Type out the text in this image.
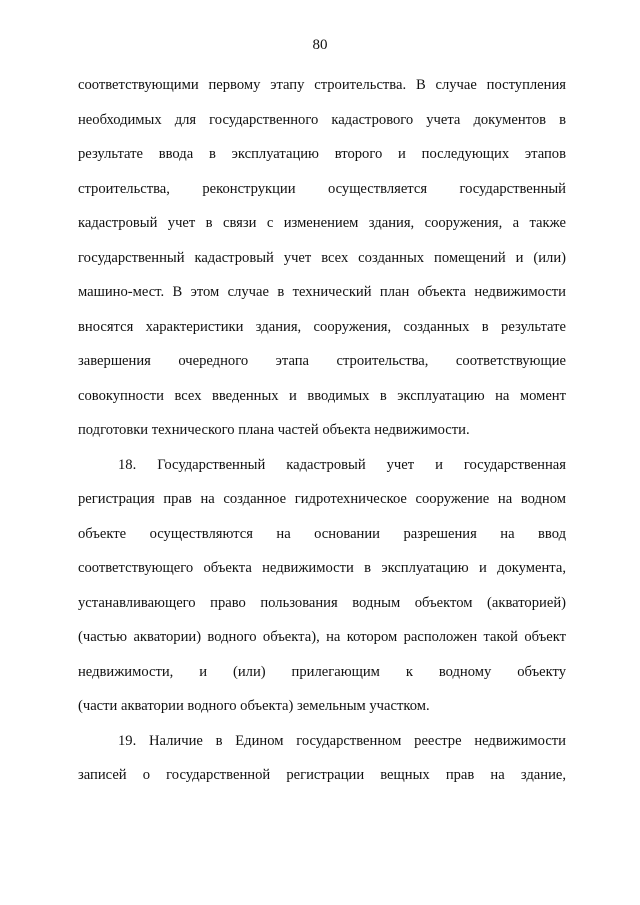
80
соответствующими первому этапу строительства. В случае поступления
необходимых для государственного кадастрового учета документов в
результате ввода в эксплуатацию второго и последующих этапов
строительства, реконструкции осуществляется государственный
кадастровый учет в связи с изменением здания, сооружения, а также
государственный кадастровый учет всех созданных помещений и (или)
машино-мест. В этом случае в технический план объекта недвижимости
вносятся характеристики здания, сооружения, созданных в результате
завершения очередного этапа строительства, соответствующие
совокупности всех введенных и вводимых в эксплуатацию на момент
подготовки технического плана частей объекта недвижимости.
18. Государственный кадастровый учет и государственная
регистрация прав на созданное гидротехническое сооружение на водном
объекте осуществляются на основании разрешения на ввод
соответствующего объекта недвижимости в эксплуатацию и документа,
устанавливающего право пользования водным объектом (акваторией)
(частью акватории) водного объекта), на котором расположен такой объект
недвижимости, и (или) прилегающим к водному объекту
(части акватории водного объекта) земельным участком.
19. Наличие в Едином государственном реестре недвижимости
записей о государственной регистрации вещных прав на здание,
